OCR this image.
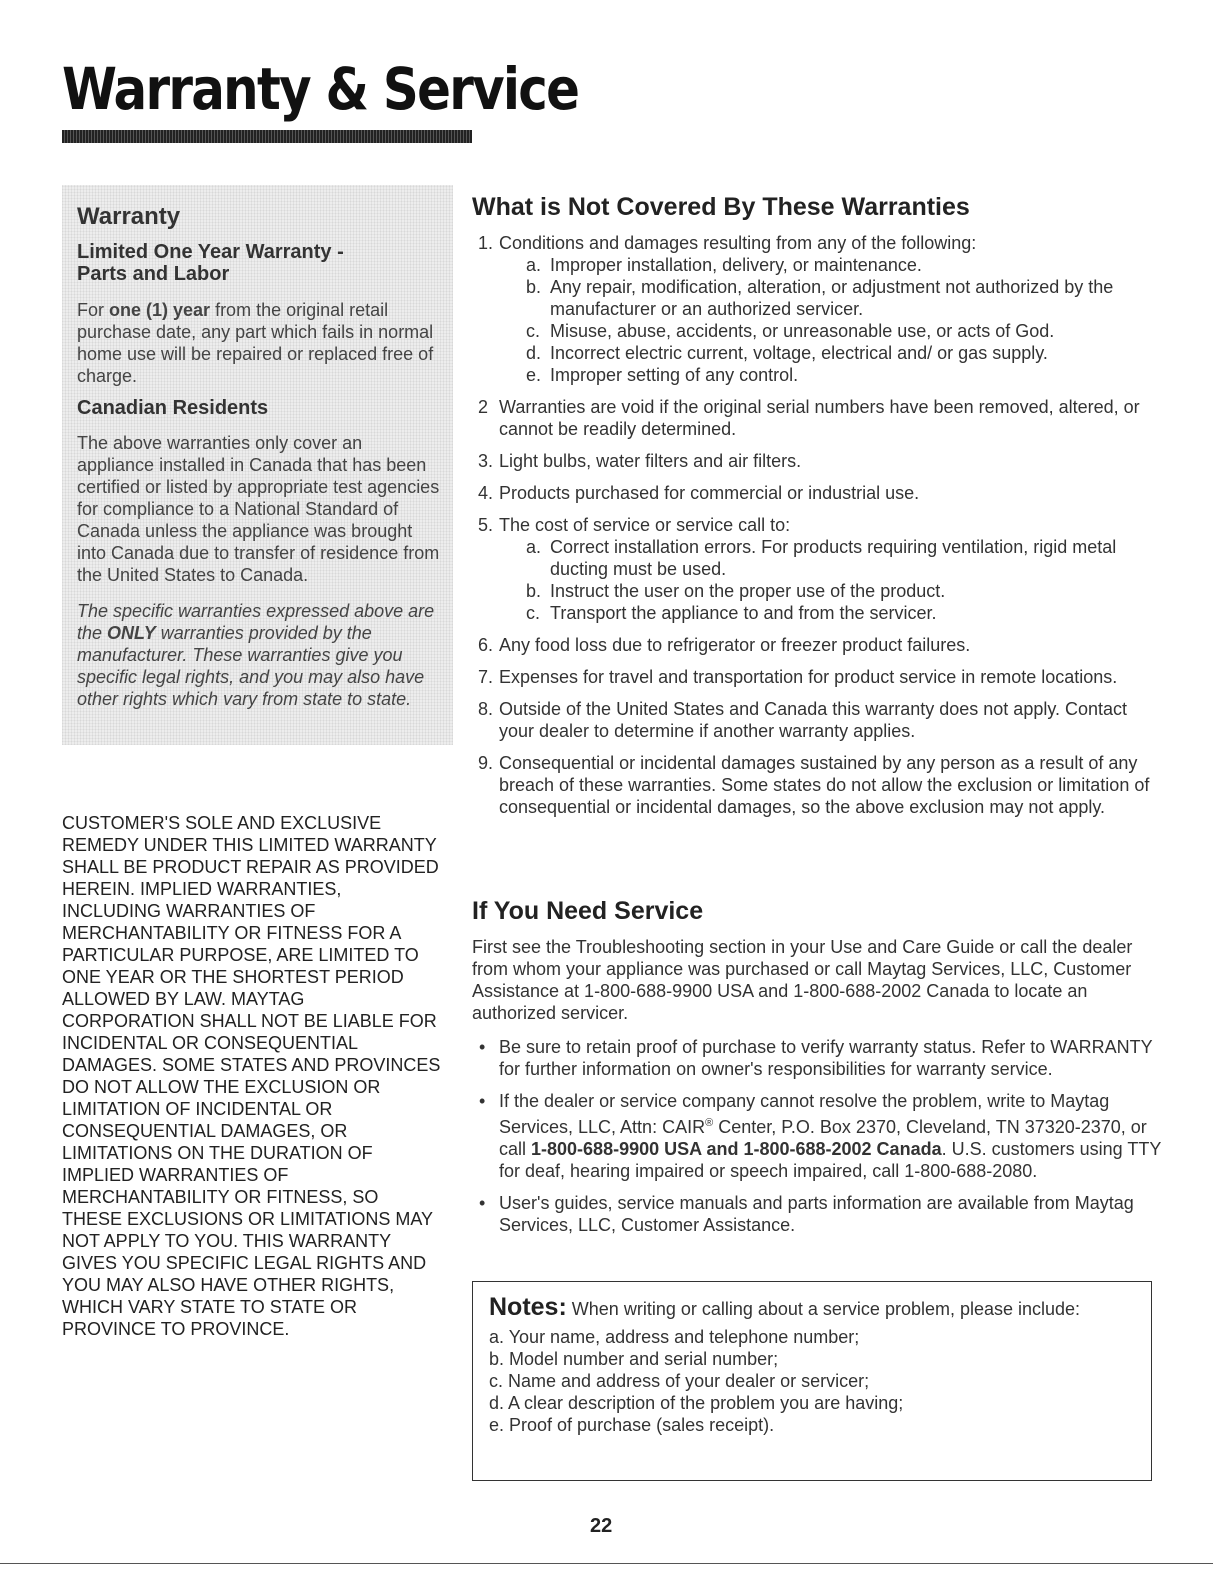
Warranty & Service
Warranty
Limited One Year Warranty - Parts and Labor

For one (1) year from the original retail purchase date, any part which fails in normal home use will be repaired or replaced free of charge.

Canadian Residents

The above warranties only cover an appliance installed in Canada that has been certified or listed by appropriate test agencies for compliance to a National Standard of Canada unless the appliance was brought into Canada due to transfer of residence from the United States to Canada.

The specific warranties expressed above are the ONLY warranties provided by the manufacturer. These warranties give you specific legal rights, and you may also have other rights which vary from state to state.

CUSTOMER'S SOLE AND EXCLUSIVE REMEDY UNDER THIS LIMITED WARRANTY SHALL BE PRODUCT REPAIR AS PROVIDED HEREIN. IMPLIED WARRANTIES, INCLUDING WARRANTIES OF MERCHANTABILITY OR FITNESS FOR A PARTICULAR PURPOSE, ARE LIMITED TO ONE YEAR OR THE SHORTEST PERIOD ALLOWED BY LAW. MAYTAG CORPORATION SHALL NOT BE LIABLE FOR INCIDENTAL OR CONSEQUENTIAL DAMAGES. SOME STATES AND PROVINCES DO NOT ALLOW THE EXCLUSION OR LIMITATION OF INCIDENTAL OR CONSEQUENTIAL DAMAGES, OR LIMITATIONS ON THE DURATION OF IMPLIED WARRANTIES OF MERCHANTABILITY OR FITNESS, SO THESE EXCLUSIONS OR LIMITATIONS MAY NOT APPLY TO YOU. THIS WARRANTY GIVES YOU SPECIFIC LEGAL RIGHTS AND YOU MAY ALSO HAVE OTHER RIGHTS, WHICH VARY STATE TO STATE OR PROVINCE TO PROVINCE.

What is Not Covered By These Warranties
1. Conditions and damages resulting from any of the following:
a. Improper installation, delivery, or maintenance.
b. Any repair, modification, alteration, or adjustment not authorized by the manufacturer or an authorized servicer.
c. Misuse, abuse, accidents, or unreasonable use, or acts of God.
d. Incorrect electric current, voltage, electrical and/ or gas supply.
e. Improper setting of any control.
2 Warranties are void if the original serial numbers have been removed, altered, or cannot be readily determined.
3. Light bulbs, water filters and air filters.
4. Products purchased for commercial or industrial use.
5. The cost of service or service call to:
a. Correct installation errors. For products requiring ventilation, rigid metal ducting must be used.
b. Instruct the user on the proper use of the product.
c. Transport the appliance to and from the servicer.
6. Any food loss due to refrigerator or freezer product failures.
7. Expenses for travel and transportation for product service in remote locations.
8. Outside of the United States and Canada this warranty does not apply. Contact your dealer to determine if another warranty applies.
9. Consequential or incidental damages sustained by any person as a result of any breach of these warranties. Some states do not allow the exclusion or limitation of consequential or incidental damages, so the above exclusion may not apply.
If You Need Service

First see the Troubleshooting section in your Use and Care Guide or call the dealer from whom your appliance was purchased or call Maytag Services, LLC, Customer Assistance at 1-800-688-9900 USA and 1-800-688-2002 Canada to locate an authorized servicer.

• Be sure to retain proof of purchase to verify warranty status. Refer to WARRANTY for further information on owner's responsibilities for warranty service.
• If the dealer or service company cannot resolve the problem, write to Maytag Services, LLC, Attn: CAIR® Center, P.O. Box 2370, Cleveland, TN 37320-2370, or call 1-800-688-9900 USA and 1-800-688-2002 Canada. U.S. customers using TTY for deaf, hearing impaired or speech impaired, call 1-800-688-2080.
• User's guides, service manuals and parts information are available from Maytag Services, LLC, Customer Assistance.
Notes: When writing or calling about a service problem, please include:
a. Your name, address and telephone number;
b. Model number and serial number;
c. Name and address of your dealer or servicer;
d. A clear description of the problem you are having;
e. Proof of purchase (sales receipt).
22
